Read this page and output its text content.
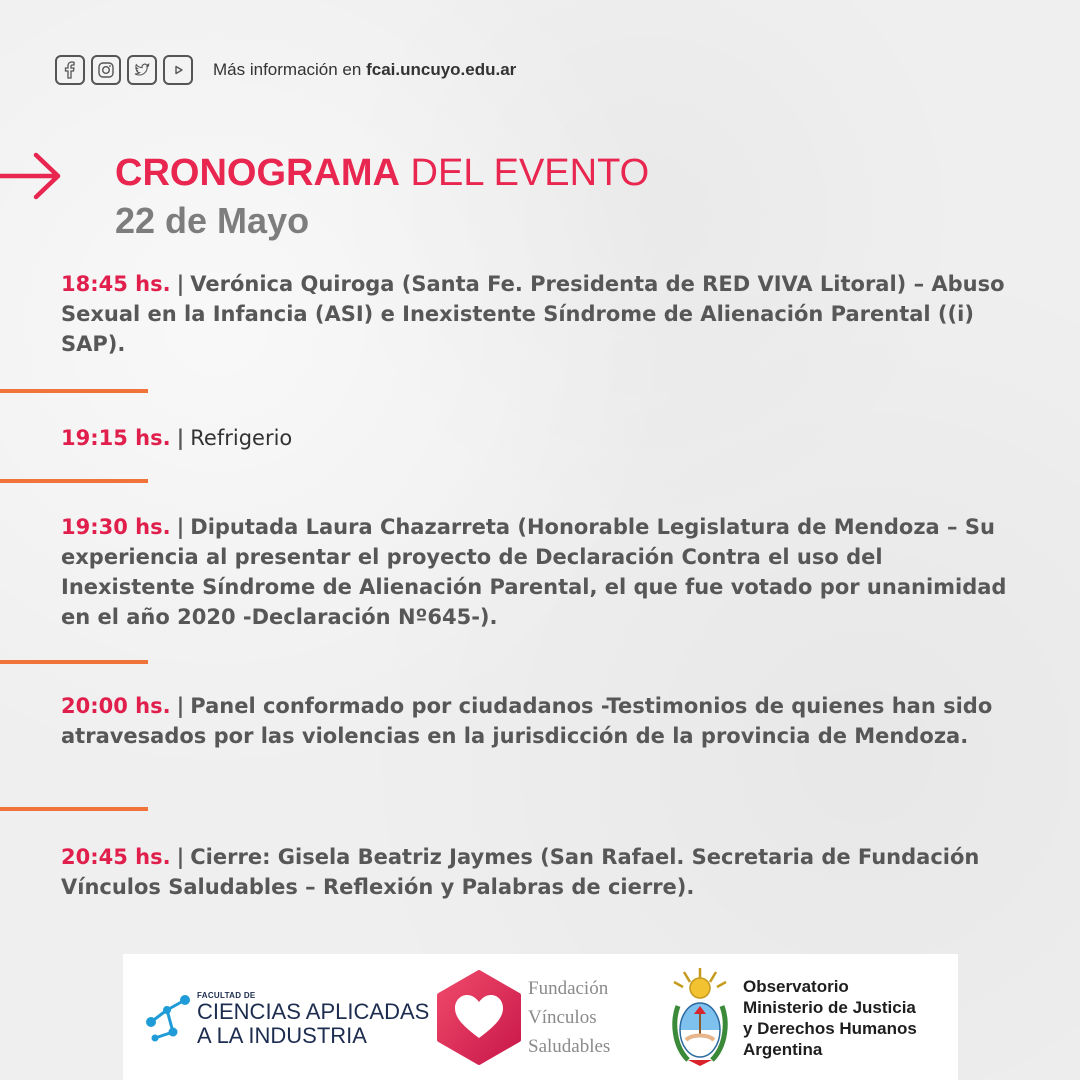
Más información en fcai.uncuyo.edu.ar
CRONOGRAMA DEL EVENTO
22 de Mayo
18:45 hs. | Verónica Quiroga (Santa Fe. Presidenta de RED VIVA Litoral) – Abuso Sexual en la Infancia (ASI) e Inexistente Síndrome de Alienación Parental ((i) SAP).
19:15 hs. | Refrigerio
19:30 hs. | Diputada Laura Chazarreta (Honorable Legislatura de Mendoza – Su experiencia al presentar el proyecto de Declaración Contra el uso del Inexistente Síndrome de Alienación Parental, el que fue votado por unanimidad en el año 2020 -Declaración Nº645-).
20:00 hs. | Panel conformado por ciudadanos -Testimonios de quienes han sido atravesados por las violencias en la jurisdicción de la provincia de Mendoza.
20:45 hs. | Cierre: Gisela Beatriz Jaymes (San Rafael. Secretaria de Fundación Vínculos Saludables – Reflexión y Palabras de cierre).
FACULTAD DE
CIENCIAS APLICADAS
A LA INDUSTRIA
Fundación
Vínculos
Saludables
Observatorio
Ministerio de Justicia
y Derechos Humanos
Argentina
